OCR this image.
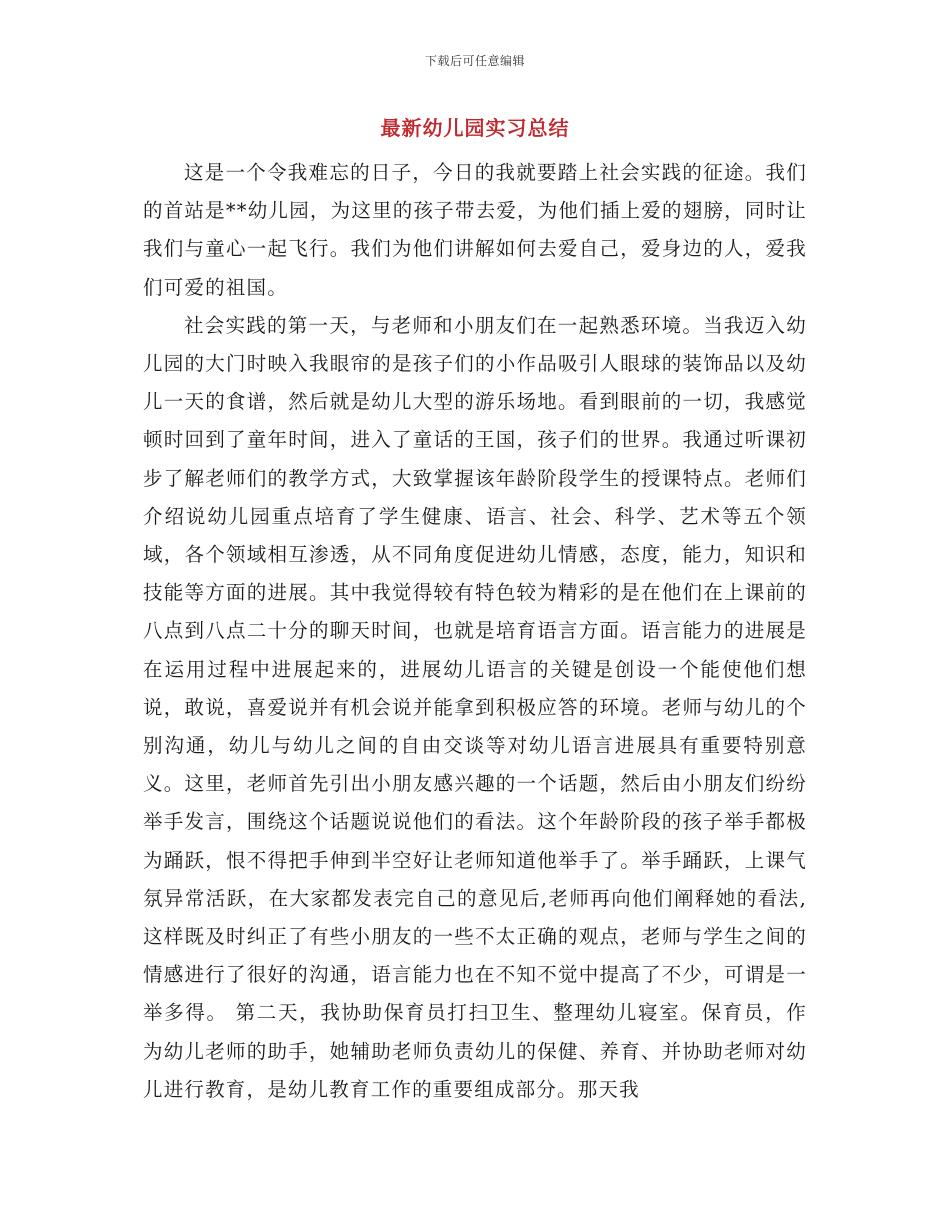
下载后可任意编辑
最新幼儿园实习总结

这是一个令我难忘的日子，今日的我就要踏上社会实践的征途。我们的首站是**幼儿园，为这里的孩子带去爱，为他们插上爱的翅膀，同时让我们与童心一起飞行。我们为他们讲解如何去爱自己，爱身边的人，爱我们可爱的祖国。

社会实践的第一天，与老师和小朋友们在一起熟悉环境。当我迈入幼儿园的大门时映入我眼帘的是孩子们的小作品吸引人眼球的装饰品以及幼儿一天的食谱，然后就是幼儿大型的游乐场地。看到眼前的一切，我感觉顿时回到了童年时间，进入了童话的王国，孩子们的世界。我通过听课初步了解老师们的教学方式，大致掌握该年龄阶段学生的授课特点。老师们介绍说幼儿园重点培育了学生健康、语言、社会、科学、艺术等五个领域，各个领域相互渗透，从不同角度促进幼儿情感，态度，能力，知识和技能等方面的进展。其中我觉得较有特色较为精彩的是在他们在上课前的八点到八点二十分的聊天时间，也就是培育语言方面。语言能力的进展是在运用过程中进展起来的，进展幼儿语言的关键是创设一个能使他们想说，敢说，喜爱说并有机会说并能拿到积极应答的环境。老师与幼儿的个别沟通，幼儿与幼儿之间的自由交谈等对幼儿语言进展具有重要特别意义。这里，老师首先引出小朋友感兴趣的一个话题，然后由小朋友们纷纷举手发言，围绕这个话题说说他们的看法。这个年龄阶段的孩子举手都极为踊跃，恨不得把手伸到半空好让老师知道他举手了。举手踊跃，上课气氛异常活跃，在大家都发表完自己的意见后,老师再向他们阐释她的看法,这样既及时纠正了有些小朋友的一些不太正确的观点，老师与学生之间的情感进行了很好的沟通，语言能力也在不知不觉中提高了不少，可谓是一举多得。 第二天，我协助保育员打扫卫生、整理幼儿寝室。保育员，作为幼儿老师的助手，她辅助老师负责幼儿的保健、养育、并协助老师对幼儿进行教育，是幼儿教育工作的重要组成部分。那天我
